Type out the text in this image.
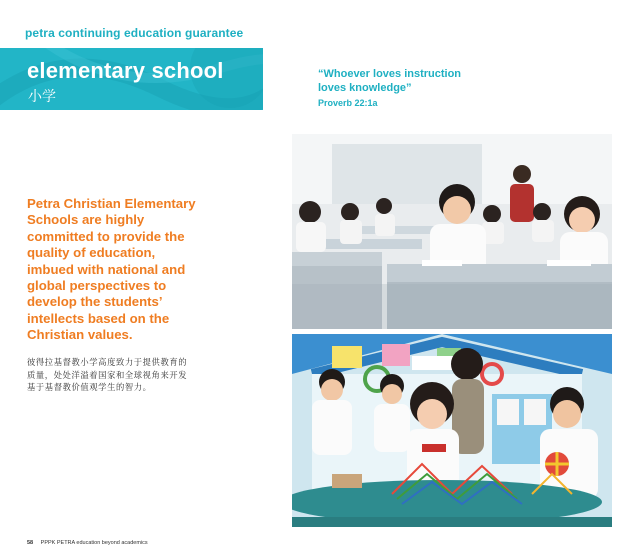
petra continuing education guarantee
elementary school
小学
“Whoever loves instruction
loves knowledge”
Proverb 22:1a
Petra Christian Elementary
Schools are highly
committed to provide the
quality of education,
imbued with national and
global perspectives to
develop the students’
intellects based on the
Christian values.
彼得拉基督教小学高度致力于提供教育的
质量，处处洋溢着国家和全球视角来开发
基于基督教价值观学生的智力。
58 PPPK PETRA education beyond academics
